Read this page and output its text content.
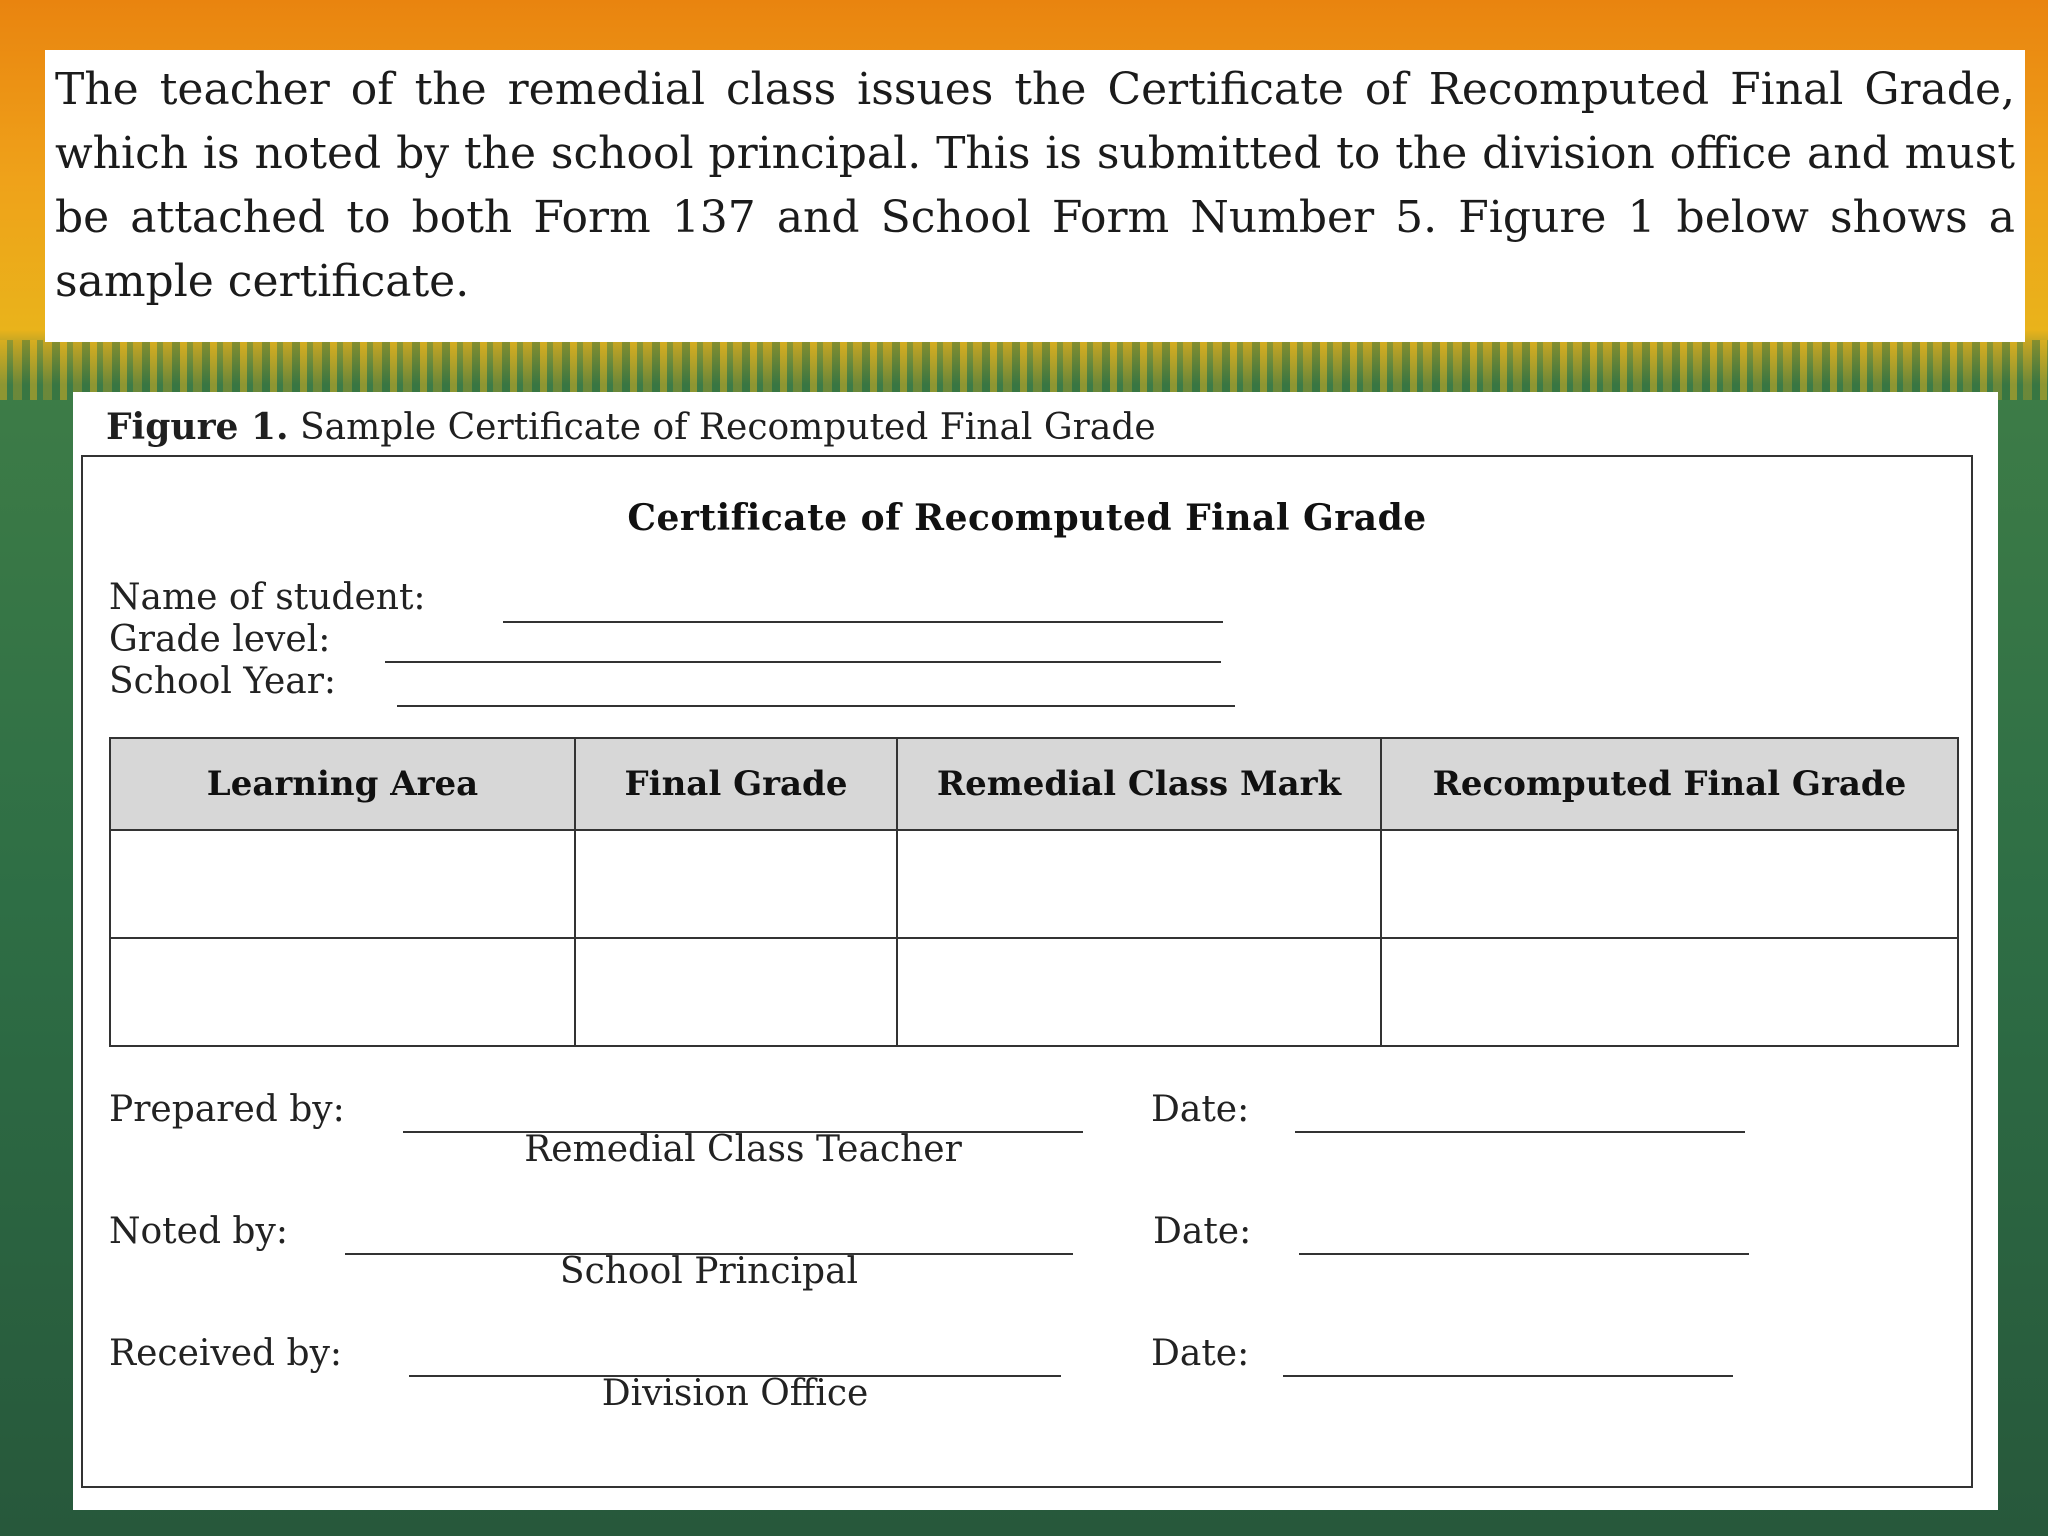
The teacher of the remedial class issues the Certificate of Recomputed Final Grade, which is noted by the school principal. This is submitted to the division office and must be attached to both Form 137 and School Form Number 5. Figure 1 below shows a sample certificate.

Figure 1. Sample Certificate of Recomputed Final Grade
Certificate of Recomputed Final Grade
Name of student:
Grade level:
School Year:
Learning Area	Final Grade	Remedial Class Mark	Recomputed Final Grade

Prepared by:
Remedial Class Teacher
Date:
Noted by:
School Principal
Date:
Received by:
Division Office
Date:
